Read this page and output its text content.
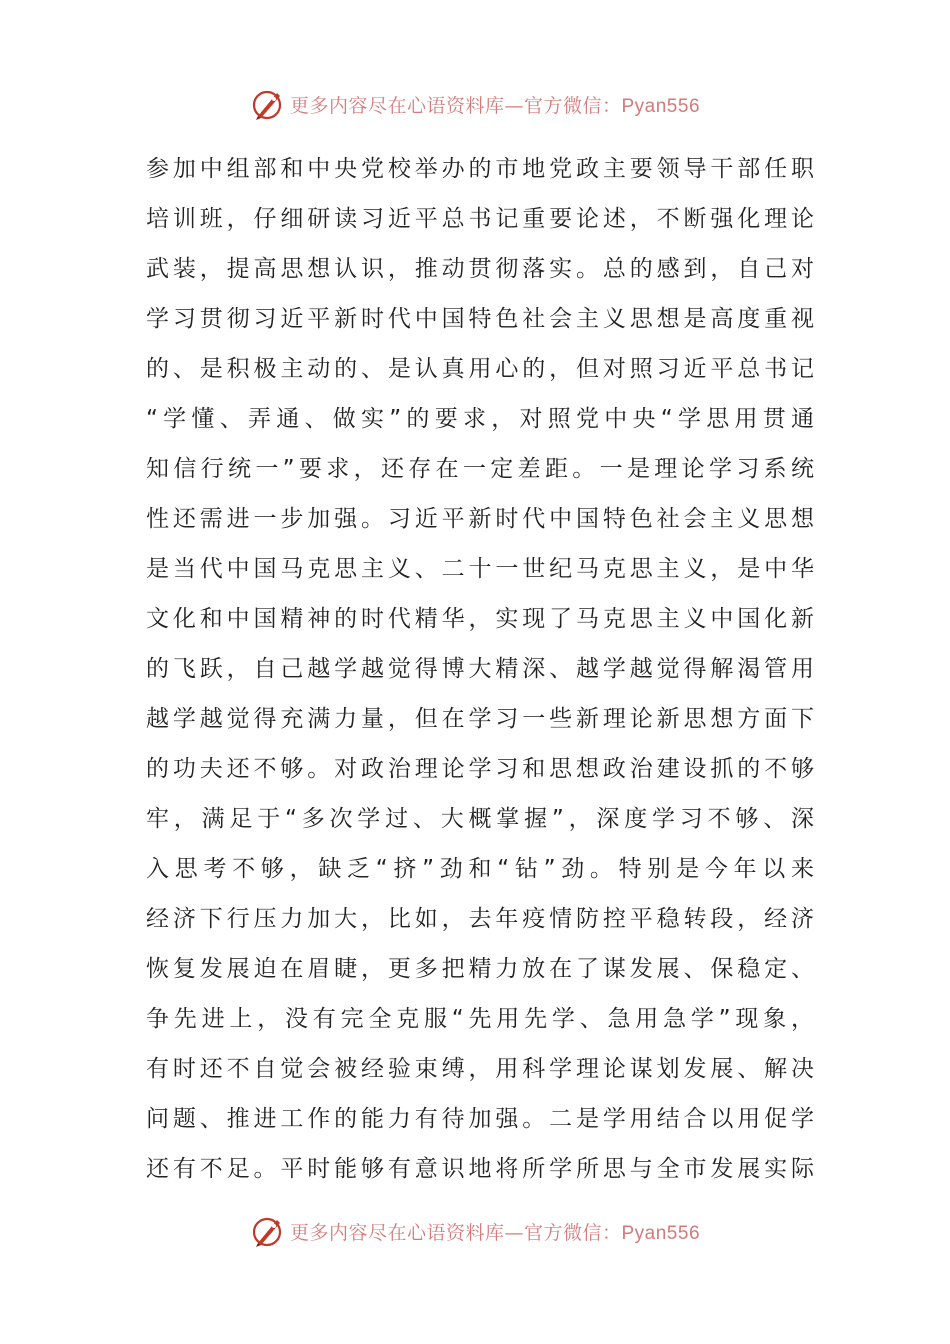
更多内容尽在心语资料库—官方微信：Pyan556
参加中组部和中央党校举办的市地党政主要领导干部任职
培训班，仔细研读习近平总书记重要论述，不断强化理论
武装，提高思想认识，推动贯彻落实。总的感到，自己对
学习贯彻习近平新时代中国特色社会主义思想是高度重视
的、是积极主动的、是认真用心的，但对照习近平总书记
“学懂、弄通、做实”的要求，对照党中央“学思用贯通
知信行统一”要求，还存在一定差距。一是理论学习系统
性还需进一步加强。习近平新时代中国特色社会主义思想
是当代中国马克思主义、二十一世纪马克思主义，是中华
文化和中国精神的时代精华，实现了马克思主义中国化新
的飞跃，自己越学越觉得博大精深、越学越觉得解渴管用
越学越觉得充满力量，但在学习一些新理论新思想方面下
的功夫还不够。对政治理论学习和思想政治建设抓的不够
牢，满足于“多次学过、大概掌握”，深度学习不够、深
入思考不够，缺乏“挤”劲和“钻”劲。特别是今年以来
经济下行压力加大，比如，去年疫情防控平稳转段，经济
恢复发展迫在眉睫，更多把精力放在了谋发展、保稳定、
争先进上，没有完全克服“先用先学、急用急学”现象，
有时还不自觉会被经验束缚，用科学理论谋划发展、解决
问题、推进工作的能力有待加强。二是学用结合以用促学
还有不足。平时能够有意识地将所学所思与全市发展实际
更多内容尽在心语资料库—官方微信：Pyan556
